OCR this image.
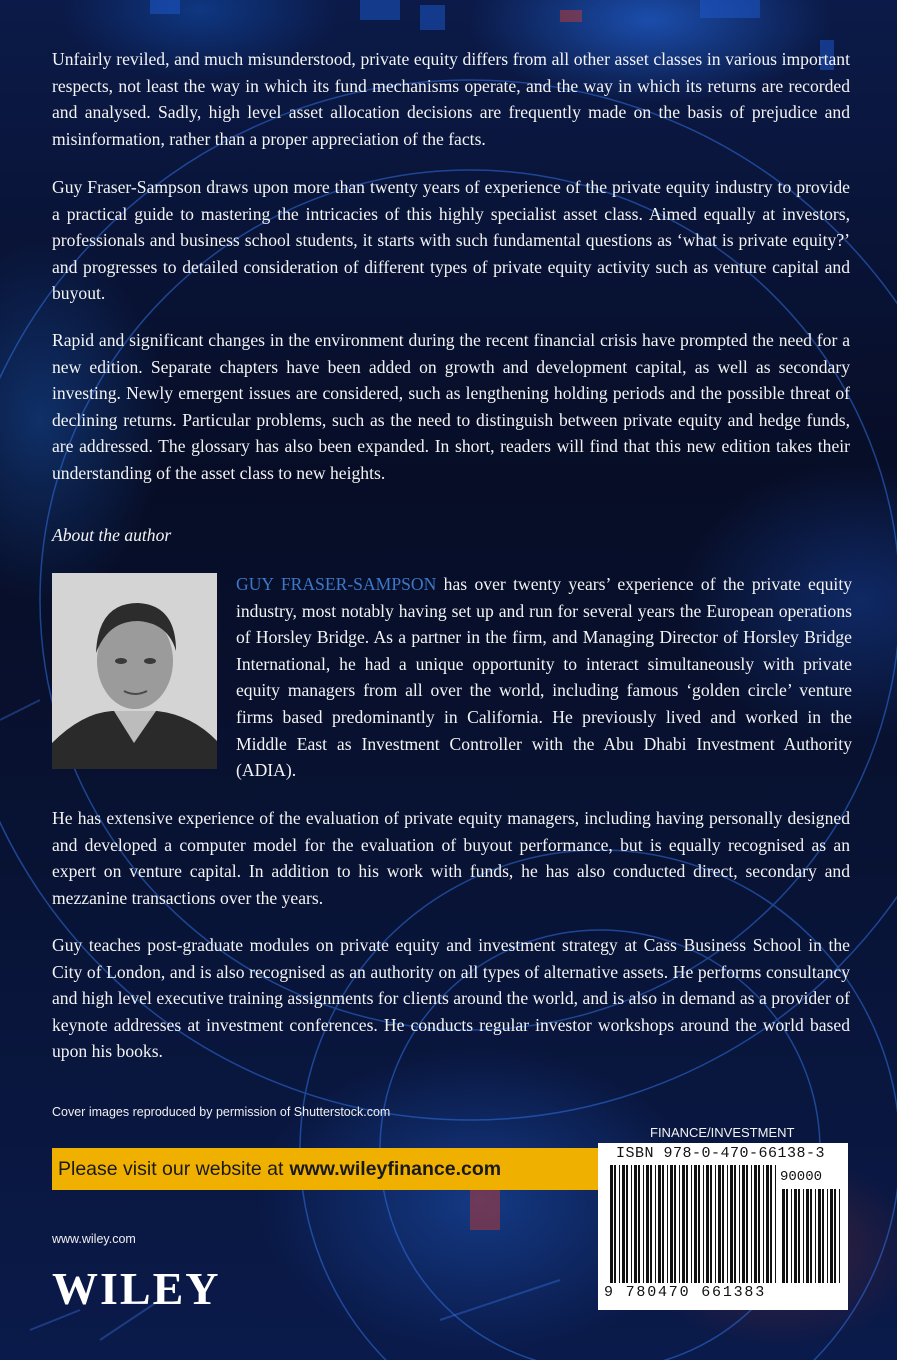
Unfairly reviled, and much misunderstood, private equity differs from all other asset classes in various important respects, not least the way in which its fund mechanisms operate, and the way in which its returns are recorded and analysed. Sadly, high level asset allocation decisions are frequently made on the basis of prejudice and misinformation, rather than a proper appreciation of the facts.

Guy Fraser-Sampson draws upon more than twenty years of experience of the private equity industry to provide a practical guide to mastering the intricacies of this highly specialist asset class. Aimed equally at investors, professionals and business school students, it starts with such fundamental questions as ‘what is private equity?’ and progresses to detailed consideration of different types of private equity activity such as venture capital and buyout.

Rapid and significant changes in the environment during the recent financial crisis have prompted the need for a new edition. Separate chapters have been added on growth and development capital, as well as secondary investing. Newly emergent issues are considered, such as lengthening holding periods and the possible threat of declining returns. Particular problems, such as the need to distinguish between private equity and hedge funds, are addressed. The glossary has also been expanded. In short, readers will find that this new edition takes their understanding of the asset class to new heights.

About the author

GUY FRASER-SAMPSON has over twenty years’ experience of the private equity industry, most notably having set up and run for several years the European operations of Horsley Bridge. As a partner in the firm, and Managing Director of Horsley Bridge International, he had a unique opportunity to interact simultaneously with private equity managers from all over the world, including famous ‘golden circle’ venture firms based predominantly in California. He previously lived and worked in the Middle East as Investment Controller with the Abu Dhabi Investment Authority (ADIA).

He has extensive experience of the evaluation of private equity managers, including having personally designed and developed a computer model for the evaluation of buyout performance, but is equally recognised as an expert on venture capital. In addition to his work with funds, he has also conducted direct, secondary and mezzanine transactions over the years.

Guy teaches post-graduate modules on private equity and investment strategy at Cass Business School in the City of London, and is also recognised as an authority on all types of alternative assets. He performs consultancy and high level executive training assignments for clients around the world, and is also in demand as a provider of keynote addresses at investment conferences. He conducts regular investor workshops around the world based upon his books.

Cover images reproduced by permission of Shutterstock.com

FINANCE/INVESTMENT

Please visit our website at www.wileyfinance.com

ISBN 978-0-470-66138-3

90000

9 780470 661383

www.wiley.com

WILEY
